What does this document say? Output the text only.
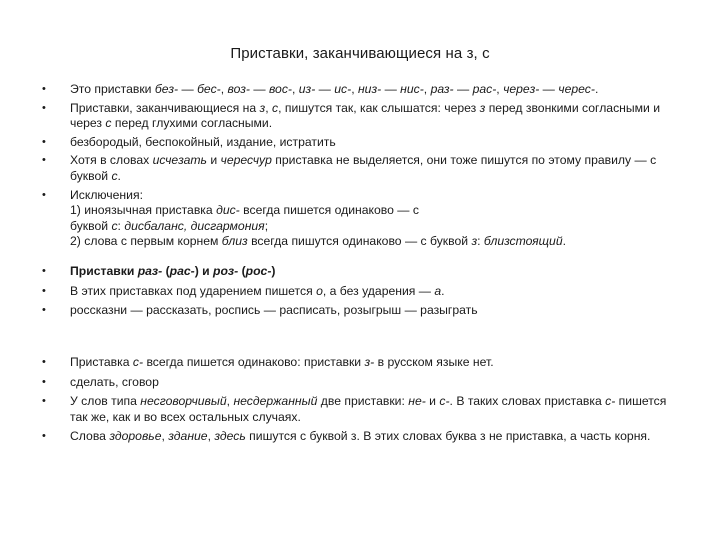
Приставки, заканчивающиеся на з, с
• Это приставки без- — бес-, воз- — вос-, из- — ис-, низ- — нис-, раз- — рас-, через- — черес-.
• Приставки, заканчивающиеся на з, с, пишутся так, как слышатся: через з перед звонкими согласными и через с перед глухими согласными.
• безбородый, беспокойный, издание, истратить
• Хотя в словах исчезать и чересчур приставка не выделяется, они тоже пишутся по этому правилу — с буквой с.
• Исключения:
1) иноязычная приставка дис- всегда пишется одинаково — с
буквой с: дисбаланс, дисгармония;
2) слова с первым корнем близ всегда пишутся одинаково — с буквой з: близстоящий.
• Приставки раз- (рас-) и роз- (рос-)
• В этих приставках под ударением пишется о, а без ударения — а.
• россказни — рассказать, роспись — расписать, розыгрыш — разыграть
• Приставка с- всегда пишется одинаково: приставки з- в русском языке нет.
• сделать, сговор
• У слов типа несговорчивый, несдержанный две приставки: не- и с-. В таких словах приставка с- пишется так же, как и во всех остальных случаях.
• Слова здоровье, здание, здесь пишутся с буквой з. В этих словах буква з не приставка, а часть корня.
